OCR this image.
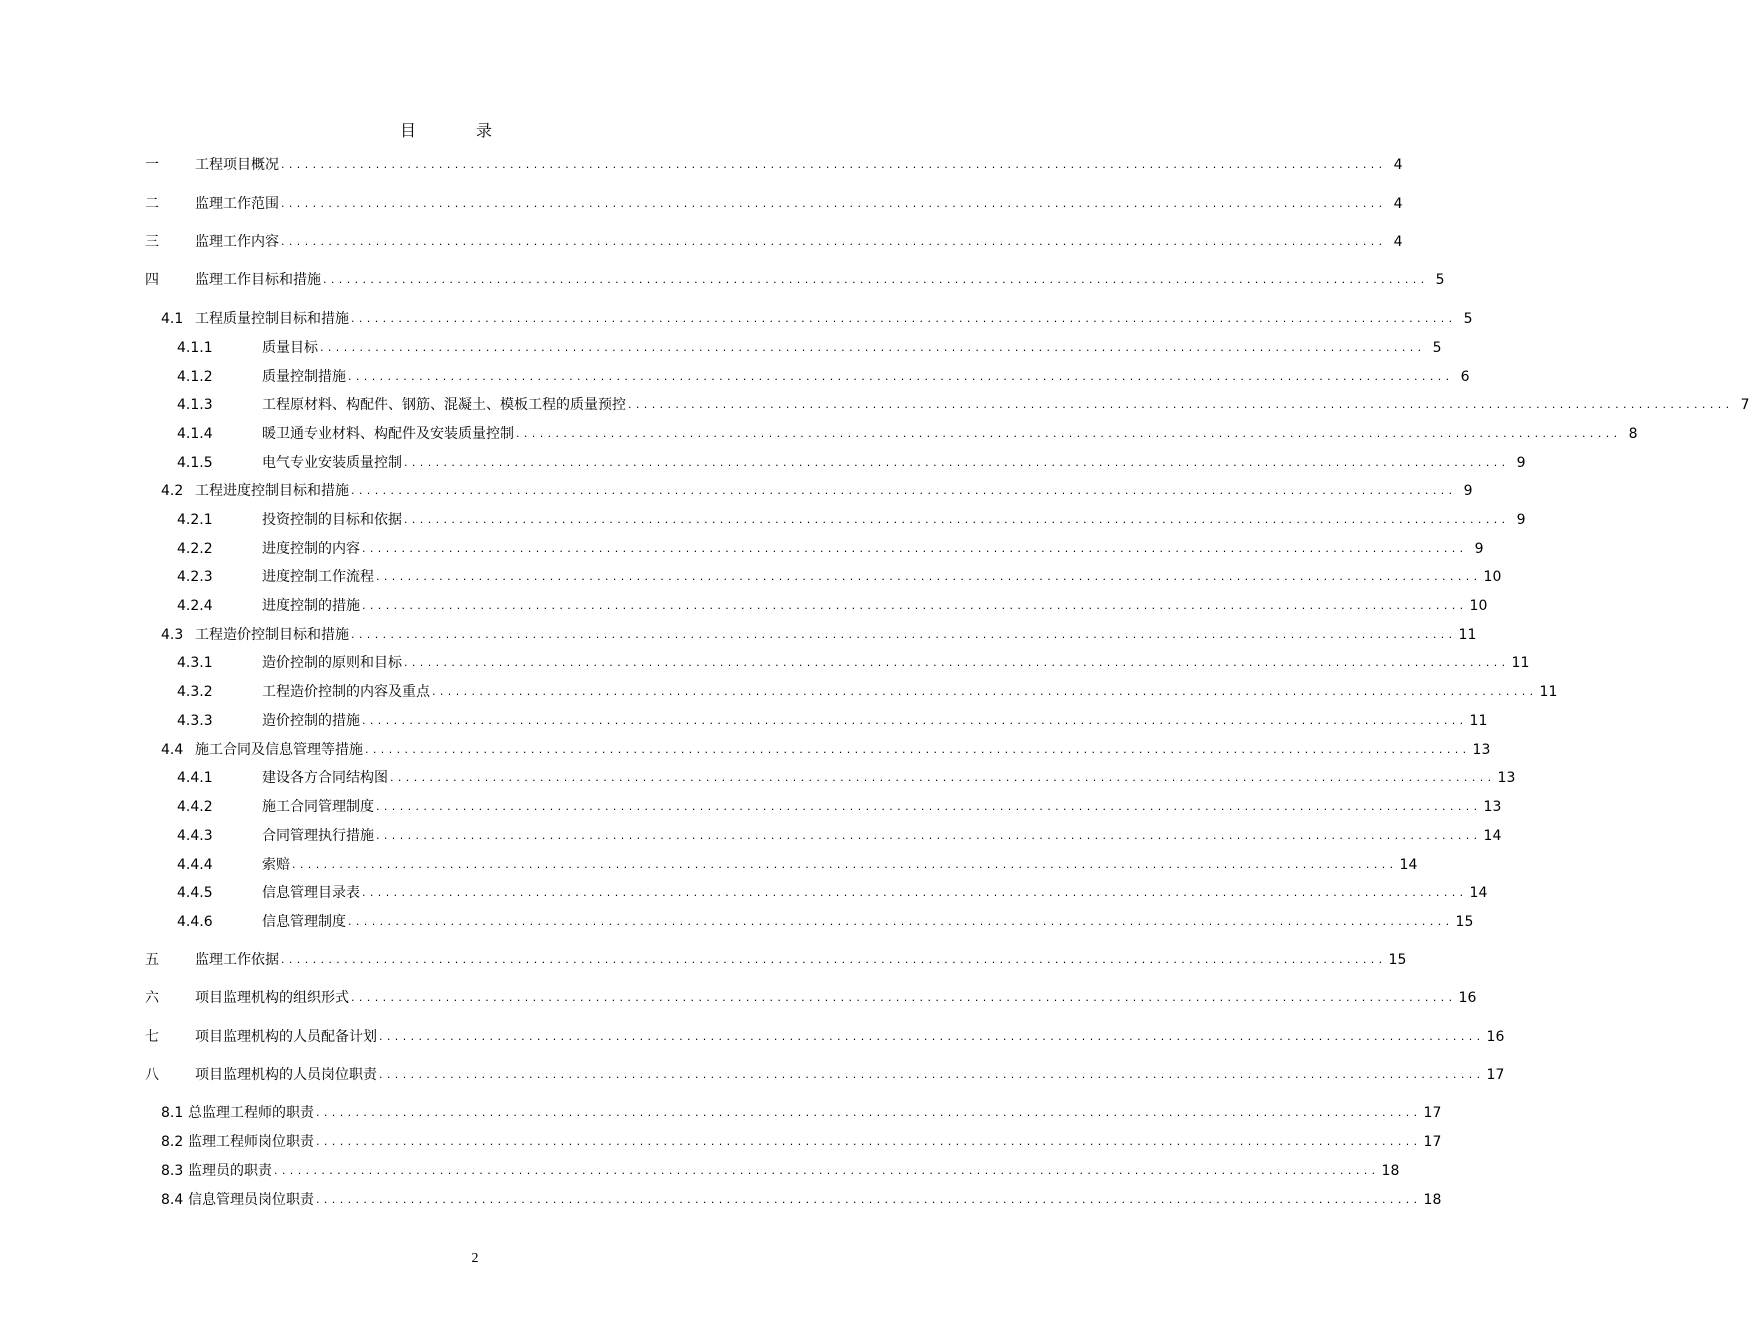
目　录
一	工程项目概况 ............................................................................................................................................ 4
二	监理工作范围 ............................................................................................................................................ 4
三	监理工作内容 ............................................................................................................................................ 4
四	监理工作目标和措施 ............................................................................................................................................ 5
4.1 工程质量控制目标和措施 ............................................................................................................................................ 5
4.1.1	质量目标 ............................................................................................................................................ 5
4.1.2	质量控制措施 ............................................................................................................................................ 6
4.1.3	工程原材料、构配件、钢筋、混凝土、模板工程的质量预控 ............................................................................................................................................ 7
4.1.4	暖卫通专业材料、构配件及安装质量控制 ............................................................................................................................................ 8
4.1.5	电气专业安装质量控制 ............................................................................................................................................ 9
4.2 工程进度控制目标和措施 ............................................................................................................................................ 9
4.2.1	投资控制的目标和依据 ............................................................................................................................................ 9
4.2.2	进度控制的内容 ............................................................................................................................................ 9
4.2.3	进度控制工作流程 ............................................................................................................................................ 10
4.2.4	进度控制的措施 ............................................................................................................................................ 10
4.3 工程造价控制目标和措施 ............................................................................................................................................ 11
4.3.1	造价控制的原则和目标 ............................................................................................................................................ 11
4.3.2	工程造价控制的内容及重点 ............................................................................................................................................ 11
4.3.3	造价控制的措施 ............................................................................................................................................ 11
4.4 施工合同及信息管理等措施 ............................................................................................................................................ 13
4.4.1	建设各方合同结构图 ............................................................................................................................................ 13
4.4.2	施工合同管理制度 ............................................................................................................................................ 13
4.4.3	合同管理执行措施 ............................................................................................................................................ 14
4.4.4	索赔 ............................................................................................................................................ 14
4.4.5	信息管理目录表 ............................................................................................................................................ 14
4.4.6	信息管理制度 ............................................................................................................................................ 15
五	监理工作依据 ............................................................................................................................................ 15
六	项目监理机构的组织形式 ............................................................................................................................................ 16
七	项目监理机构的人员配备计划 ............................................................................................................................................ 16
八	项目监理机构的人员岗位职责 ............................................................................................................................................ 17
8.1 总监理工程师的职责 ............................................................................................................................................ 17
8.2 监理工程师岗位职责 ............................................................................................................................................ 17
8.3 监理员的职责 ............................................................................................................................................ 18
8.4 信息管理员岗位职责 ............................................................................................................................................ 18
2
